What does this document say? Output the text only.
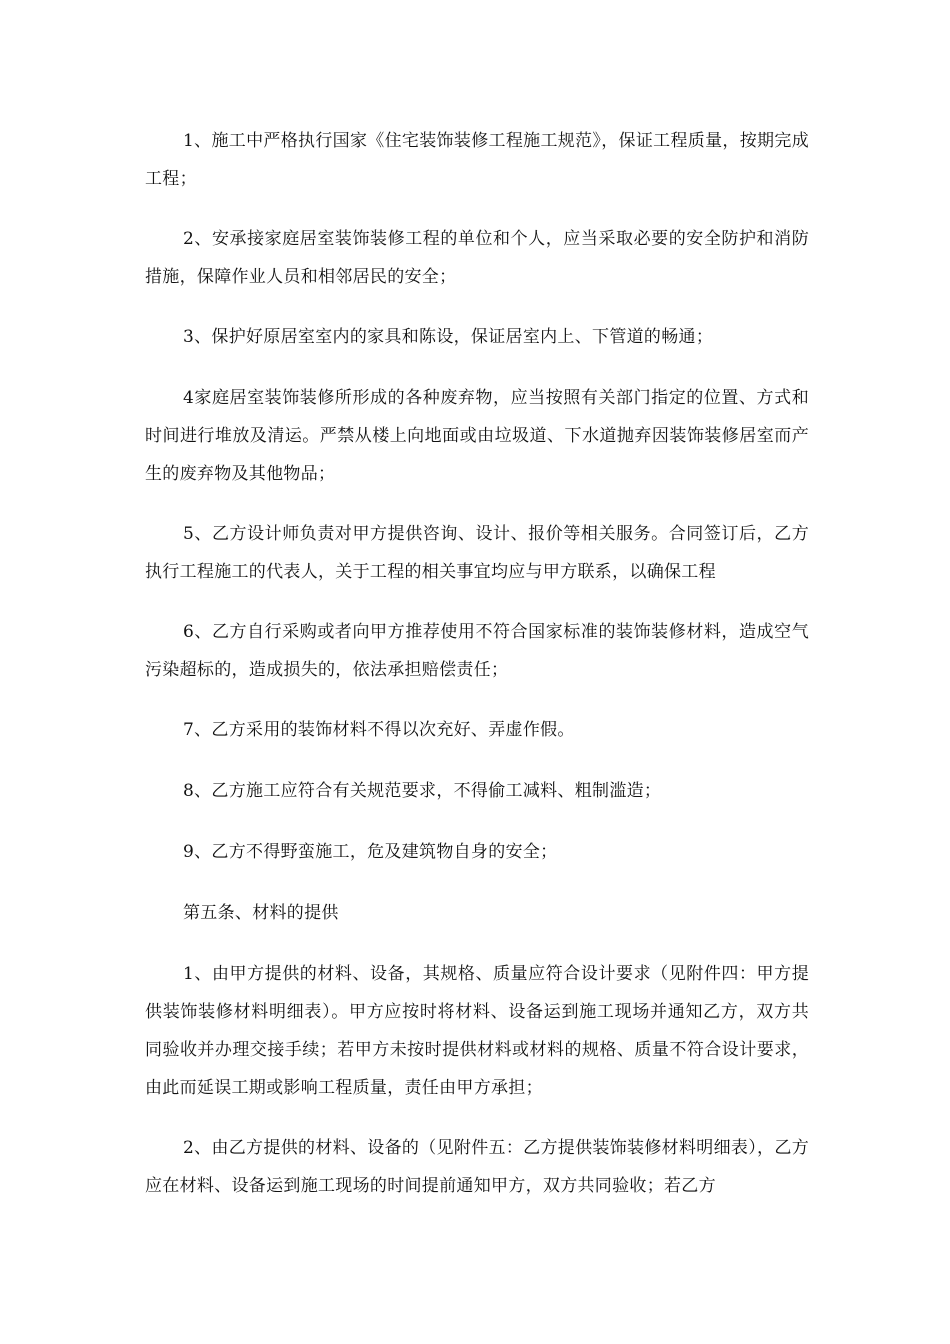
1、施工中严格执行国家《住宅装饰装修工程施工规范》，保证工程质量，按期完成工程；

2、安承接家庭居室装饰装修工程的单位和个人，应当采取必要的安全防护和消防措施，保障作业人员和相邻居民的安全；

3、保护好原居室室内的家具和陈设，保证居室内上、下管道的畅通；

4家庭居室装饰装修所形成的各种废弃物，应当按照有关部门指定的位置、方式和时间进行堆放及清运。严禁从楼上向地面或由垃圾道、下水道抛弃因装饰装修居室而产生的废弃物及其他物品；

5、乙方设计师负责对甲方提供咨询、设计、报价等相关服务。合同签订后，乙方执行工程施工的代表人，关于工程的相关事宜均应与甲方联系，以确保工程

6、乙方自行采购或者向甲方推荐使用不符合国家标准的装饰装修材料，造成空气污染超标的，造成损失的，依法承担赔偿责任；

7、乙方采用的装饰材料不得以次充好、弄虚作假。

8、乙方施工应符合有关规范要求，不得偷工减料、粗制滥造；

9、乙方不得野蛮施工，危及建筑物自身的安全；

第五条、材料的提供

1、由甲方提供的材料、设备，其规格、质量应符合设计要求（见附件四：甲方提供装饰装修材料明细表）。甲方应按时将材料、设备运到施工现场并通知乙方，双方共同验收并办理交接手续；若甲方未按时提供材料或材料的规格、质量不符合设计要求，由此而延误工期或影响工程质量，责任由甲方承担；

2、由乙方提供的材料、设备的（见附件五：乙方提供装饰装修材料明细表），乙方应在材料、设备运到施工现场的时间提前通知甲方，双方共同验收；若乙方
